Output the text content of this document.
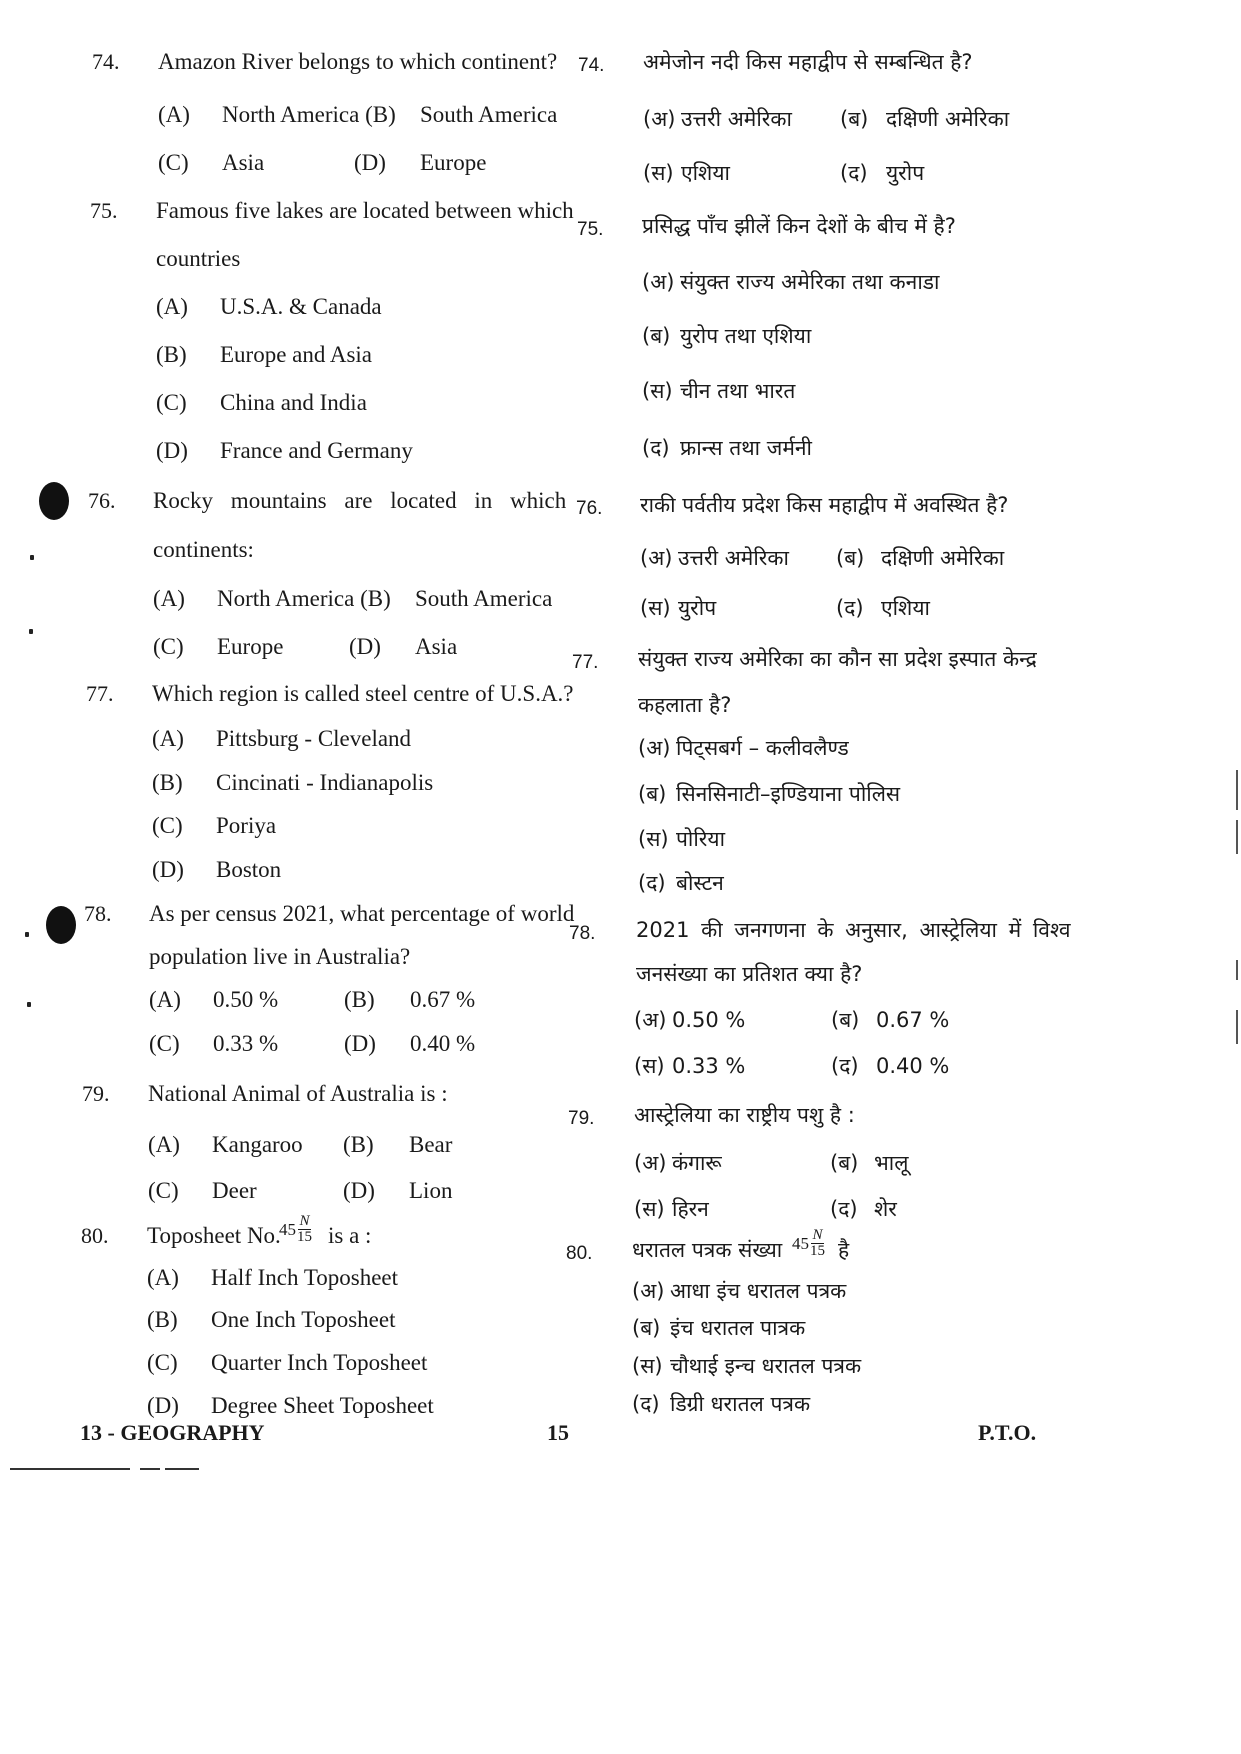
74. Amazon River belongs to which continent?
(A) North America (B) South America
(C) Asia	(D) Europe
75. Famous five lakes are located between which
countries
(A) U.S.A. & Canada
(B) Europe and Asia
(C) China and India
(D) France and Germany
76. Rocky mountains are located in which
continents:
(A) North America (B) South America
(C) Europe	(D) Asia
77. Which region is called steel centre of U.S.A.?
(A) Pittsburg - Cleveland
(B) Cincinati - Indianapolis
(C) Poriya
(D) Boston
78. As per census 2021, what percentage of world
population live in Australia?
(A) 0.50 %	(B) 0.67 %
(C) 0.33 %	(D) 0.40 %
79. National Animal of Australia is :
(A) Kangaroo (B) Bear
(C) Deer	(D) Lion
80. Toposheet No.
$45 \frac{N}{15}$ is a :
(A) Half Inch Toposheet
(B) One Inch Toposheet
(C) Quarter Inch Toposheet
(D) Degree Sheet Toposheet
74. अमेजोन नदी किस महाद्वीप से सम्बन्धित है?
(अ) उत्तरी अमेरिका (ब) दक्षिणी अमेरिका
(स) एशिया	(द) युरोप
75. प्रसिद्ध पाँच झीलें किन देशों के बीच में है?
(अ) संयुक्त राज्य अमेरिका तथा कनाडा
(ब) युरोप तथा एशिया
(स) चीन तथा भारत
(द) फ्रान्स तथा जर्मनी
76. राकी पर्वतीय प्रदेश किस महाद्वीप में अवस्थित है?
(अ) उत्तरी अमेरिका (ब) दक्षिणी अमेरिका
(स) युरोप	(द) एशिया
77. संयुक्त राज्य अमेरिका का कौन सा प्रदेश इस्पात केन्द्र
कहलाता है?
(अ) पिट्सबर्ग – कलीवलैण्ड
(ब) सिनसिनाटी–इण्डियाना पोलिस
(स) पोरिया
(द) बोस्टन
78. 2021 की जनगणना के अनुसार, आस्ट्रेलिया में विश्व
जनसंख्या का प्रतिशत क्या है?
(अ) 0.50 %	(ब) 0.67 %
(स) 0.33 %	(द) 0.40 %
79. आस्ट्रेलिया का राष्ट्रीय पशु है :
(अ) कंगारू	(ब) भालू
(स) हिरन	(द) शेर
80. धरातल पत्रक संख्या $45 \frac{N}{15}$ है
(अ) आधा इंच धरातल पत्रक
(ब) इंच धरातल पात्रक
(स) चौथाई इन्च धरातल पत्रक
(द) डिग्री धरातल पत्रक
13 - GEOGRAPHY	15	P.T.O.
